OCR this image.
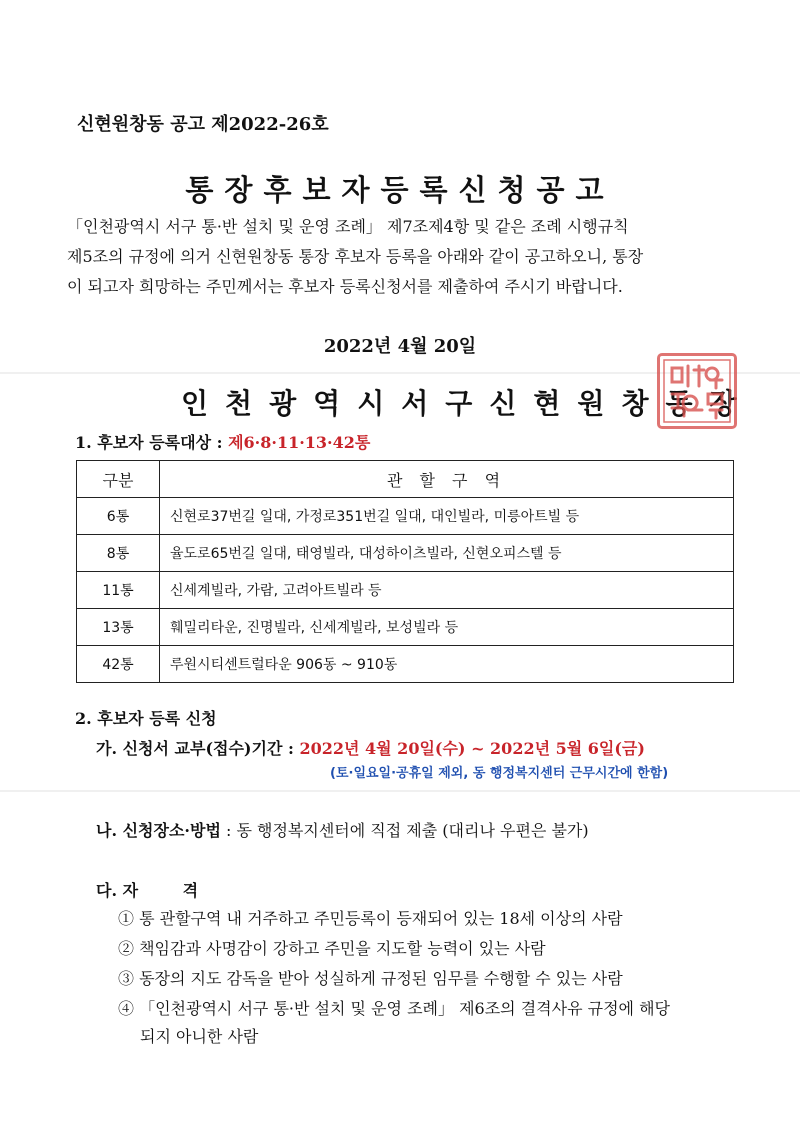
신현원창동 공고 제2022-26호
통장후보자등록신청공고

「인천광역시 서구 통·반 설치 및 운영 조례」 제7조제4항 및 같은 조례 시행규칙

제5조의 규정에 의거 신현원창동 통장 후보자 등록을 아래와 같이 공고하오니, 통장

이 되고자 희망하는 주민께서는 후보자 등록신청서를 제출하여 주시기 바랍니다.

2022년 4월 20일
인천광역시서구신현원창동장
1. 후보자 등록대상 : 제6·8·11·13·42통
구분	관 할 구 역
6통	신현로37번길 일대, 가정로351번길 일대, 대인빌라, 미릉아트빌 등
8통	율도로65번길 일대, 태영빌라, 대성하이츠빌라, 신현오피스텔 등
11통	신세계빌라, 가람, 고려아트빌라 등
13통	훼밀리타운, 진명빌라, 신세계빌라, 보성빌라 등
42통	루원시티센트럴타운 906동 ~ 910동
2. 후보자 등록 신청
가. 신청서 교부(접수)기간 : 2022년 4월 20일(수) ~ 2022년 5월 6일(금)
(토·일요일·공휴일 제외, 동 행정복지센터 근무시간에 한함)
나. 신청장소·방법 : 동 행정복지센터에 직접 제출 (대리나 우편은 불가)
다. 자        격
① 통 관할구역 내 거주하고 주민등록이 등재되어 있는 18세 이상의 사람
② 책임감과 사명감이 강하고 주민을 지도할 능력이 있는 사람
③ 동장의 지도 감독을 받아 성실하게 규정된 임무를 수행할 수 있는 사람
④ 「인천광역시 서구 통·반 설치 및 운영 조례」 제6조의 결격사유 규정에 해당
되지 아니한 사람
